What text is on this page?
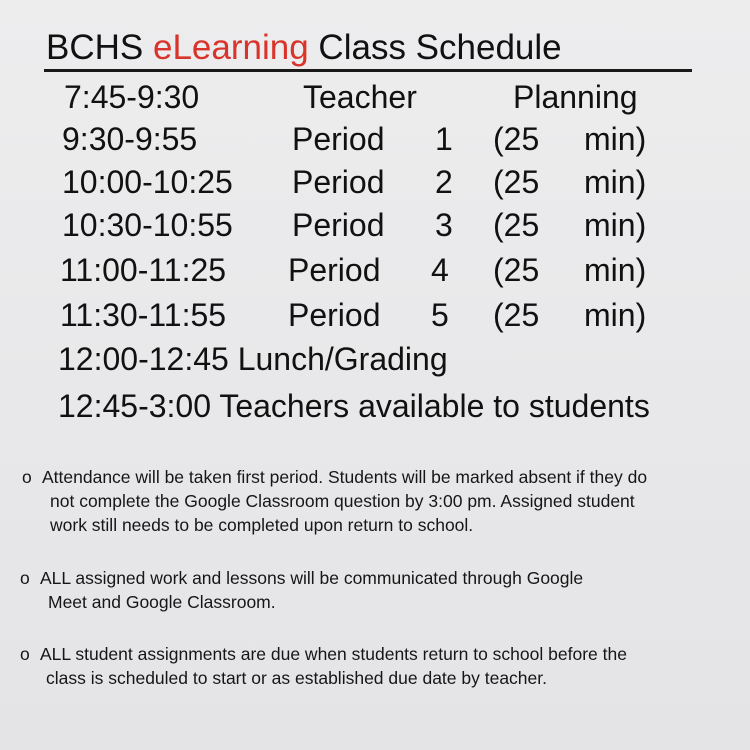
BCHS eLearning Class Schedule
7:45-9:30	Teacher	Planning
9:30-9:55	Period 1 (25 min)
10:00-10:25 Period 2 (25 min)
10:30-10:55 Period 3 (25 min)
11:00-11:25 Period 4 (25 min)
11:30-11:55 Period 5 (25 min)
12:00-12:45 Lunch/Grading
12:45-3:00 Teachers available to students
o Attendance will be taken first period. Students will be marked absent if they do
not complete the Google Classroom question by 3:00 pm. Assigned student
work still needs to be completed upon return to school.
o ALL assigned work and lessons will be communicated through Google
Meet and Google Classroom.
o ALL student assignments are due when students return to school before the
class is scheduled to start or as established due date by teacher.
